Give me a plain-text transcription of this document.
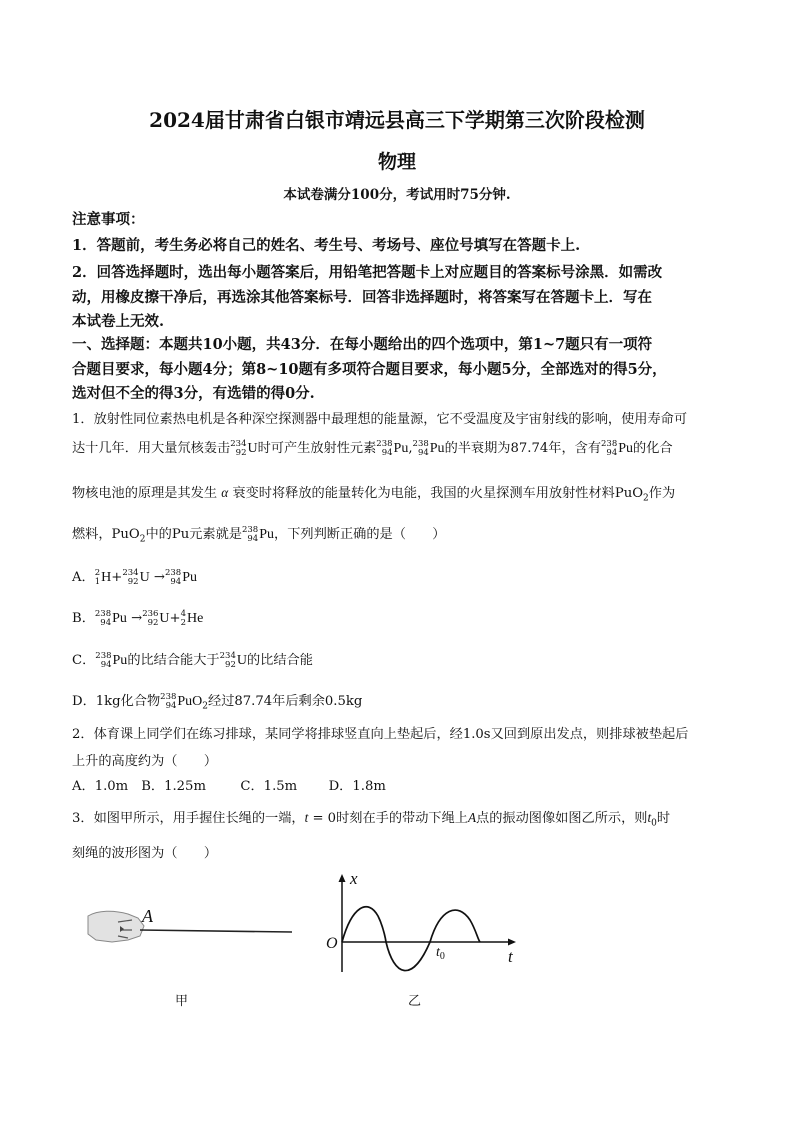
2024届甘肃省白银市靖远县高三下学期第三次阶段检测
物理
本试卷满分100分，考试用时75分钟.
注意事项：
1．答题前，考生务必将自己的姓名、考生号、考场号、座位号填写在答题卡上.
2．回答选择题时，选出每小题答案后，用铅笔把答题卡上对应题目的答案标号涂黑．如需改
动，用橡皮擦干净后，再选涂其他答案标号．回答非选择题时，将答案写在答题卡上．写在
本试卷上无效.
一、选择题：本题共10小题，共43分．在每小题给出的四个选项中，第1~7题只有一项符
合题目要求，每小题4分；第8~10题有多项符合题目要求，每小题5分，全部选对的得5分，
选对但不全的得3分，有选错的得0分.
1．放射性同位素热电机是各种深空探测器中最理想的能量源，它不受温度及宇宙射线的影响，使用寿命可
达十几年．用大量氘核轰击 234
92 U时可产生放射性元素 238
94 Pu, 238
94 Pu的半衰期为87.74年，含有 238
94 Pu的化合
物核电池的原理是其发生 α 衰变时将释放的能量转化为电能，我国的火星探测车用放射性材料PuO$_2$作为
燃料，PuO$_2$中的Pu元素就是 238
94 Pu，下列判断正确的是（　　）
A． 2
1 H+ 234
92 U → 238
94 Pu
B． 238
94 Pu → 236
92 U+ 4
2 He
C． 238
94 Pu的比结合能大于 234
92 U的比结合能
D．1kg化合物 238
94 PuO$_2$经过87.74年后剩余0.5kg
2．体育课上同学们在练习排球，某同学将排球竖直向上垫起后，经1.0s又回到原出发点，则排球被垫起后
上升的高度约为（　　）
A．1.0m B．1.25m	C．1.5m D．1.8m
3．如图甲所示，用手握住长绳的一端，t = 0时刻在手的带动下绳上A点的振动图像如图乙所示，则$t_0$时
刻绳的波形图为（　　）
A
甲
x
t
O
$t_0$
乙
